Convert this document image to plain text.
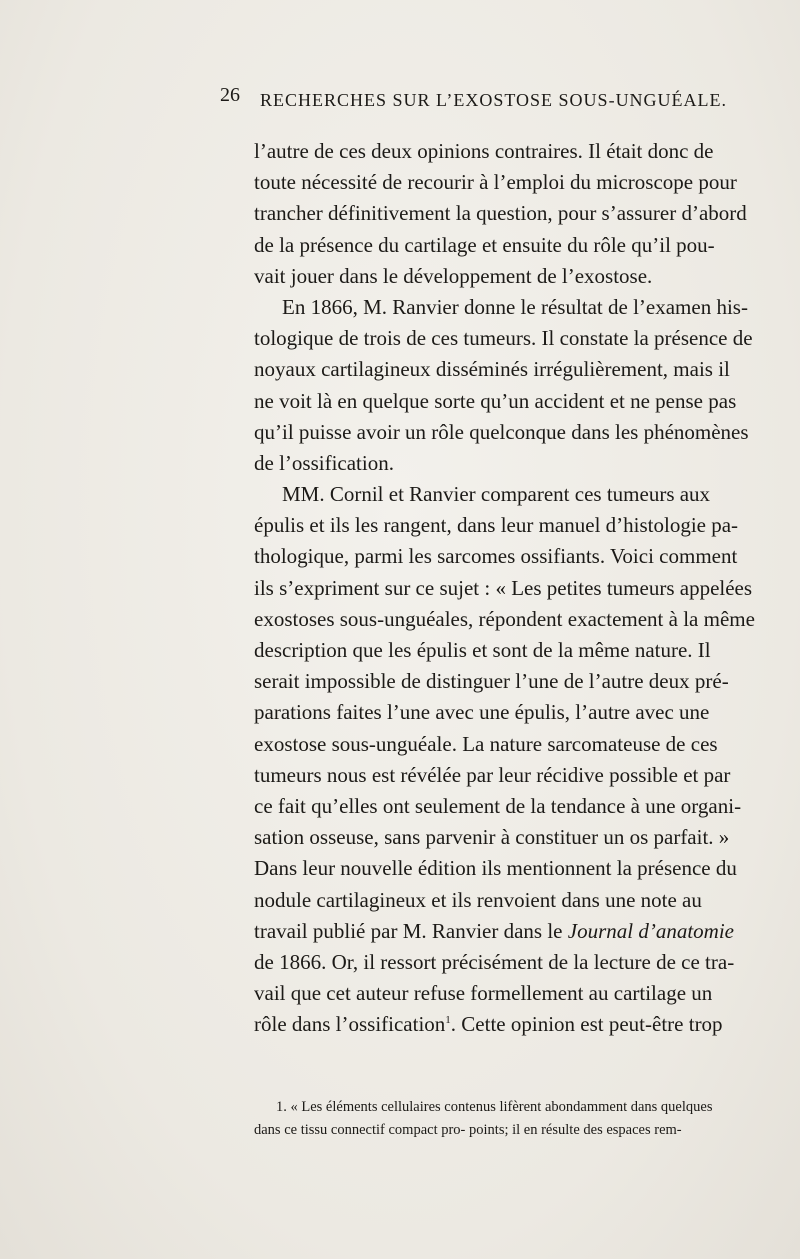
26 RECHERCHES SUR L’EXOSTOSE SOUS-UNGUÉALE.
l’autre de ces deux opinions contraires. Il était donc de
toute nécessité de recourir à l’emploi du microscope pour
trancher définitivement la question, pour s’assurer d’abord
de la présence du cartilage et ensuite du rôle qu’il pou-
vait jouer dans le développement de l’exostose.
En 1866, M. Ranvier donne le résultat de l’examen his-
tologique de trois de ces tumeurs. Il constate la présence de
noyaux cartilagineux disséminés irrégulièrement, mais il
ne voit là en quelque sorte qu’un accident et ne pense pas
qu’il puisse avoir un rôle quelconque dans les phénomènes
de l’ossification.
MM. Cornil et Ranvier comparent ces tumeurs aux
épulis et ils les rangent, dans leur manuel d’histologie pa-
thologique, parmi les sarcomes ossifiants. Voici comment
ils s’expriment sur ce sujet : « Les petites tumeurs appelées
exostoses sous-unguéales, répondent exactement à la même
description que les épulis et sont de la même nature. Il
serait impossible de distinguer l’une de l’autre deux pré-
parations faites l’une avec une épulis, l’autre avec une
exostose sous-unguéale. La nature sarcomateuse de ces
tumeurs nous est révélée par leur récidive possible et par
ce fait qu’elles ont seulement de la tendance à une organi-
sation osseuse, sans parvenir à constituer un os parfait. »
Dans leur nouvelle édition ils mentionnent la présence du
nodule cartilagineux et ils renvoient dans une note au
travail publié par M. Ranvier dans le Journal d’anatomie
de 1866. Or, il ressort précisément de la lecture de ce tra-
vail que cet auteur refuse formellement au cartilage un
rôle dans l’ossification$^1$. Cette opinion est peut-être trop
1. « Les éléments cellulaires contenus lifèrent abondamment dans quelques
dans ce tissu connectif compact pro- points; il en résulte des espaces rem-
